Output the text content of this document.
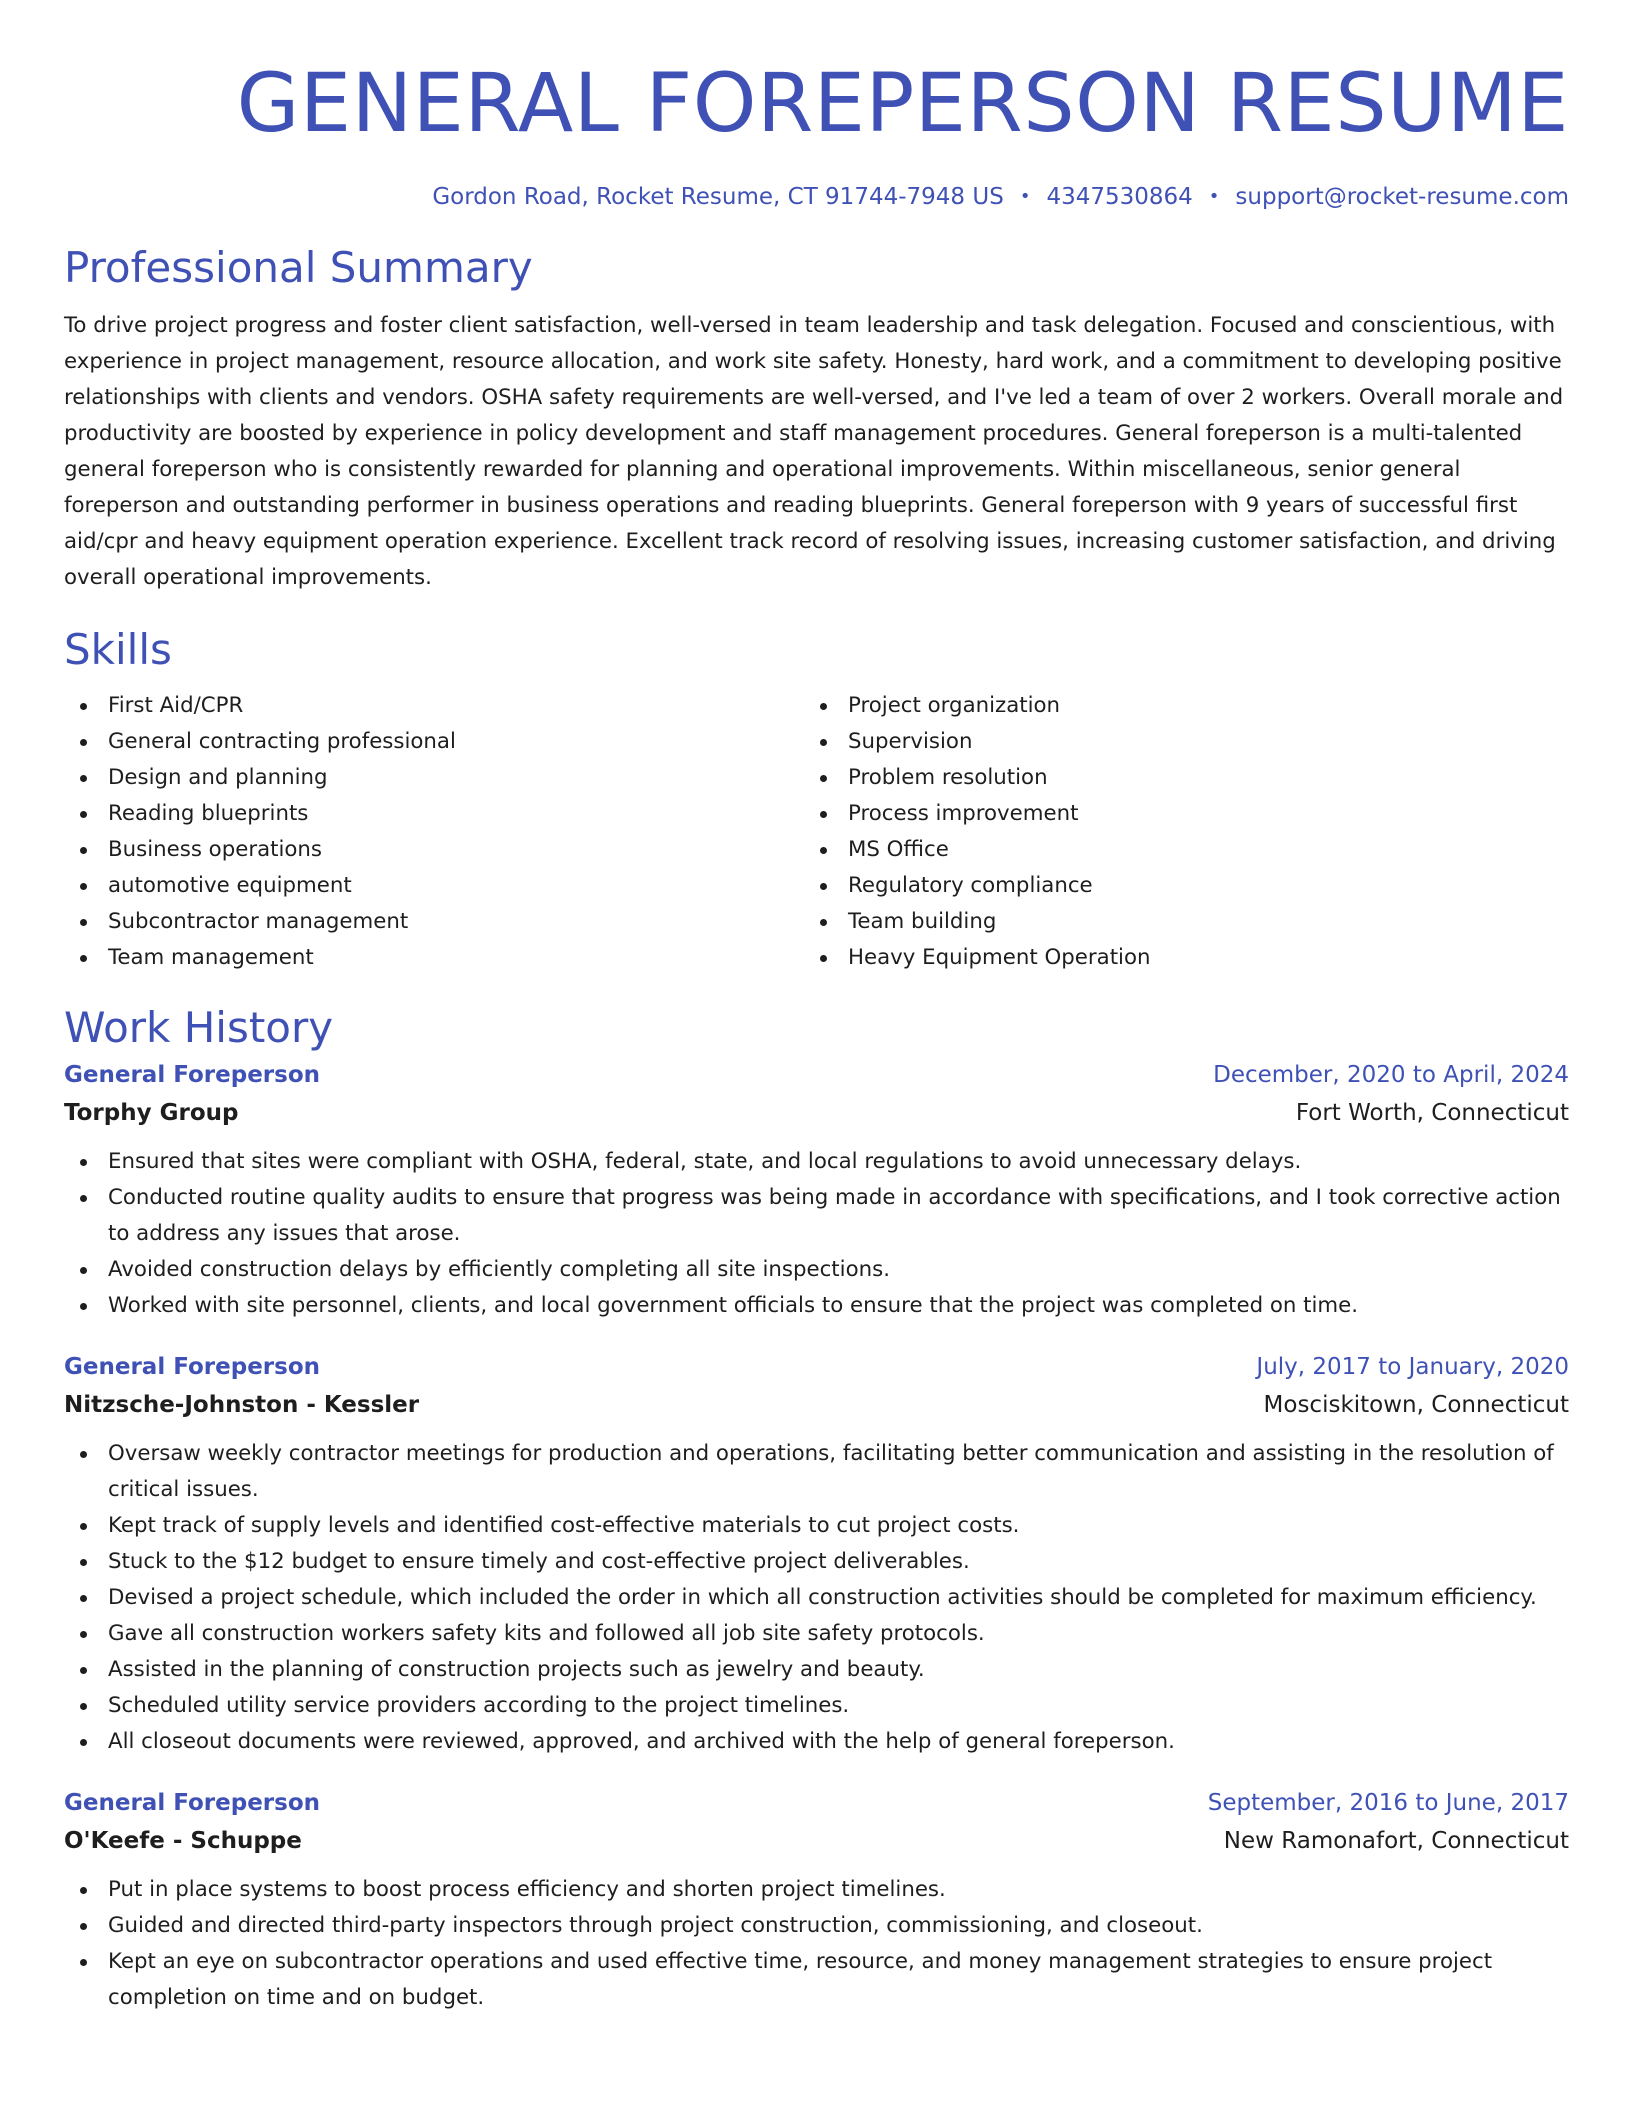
GENERAL FOREPERSON RESUME
Gordon Road, Rocket Resume, CT 91744-7948 US • 4347530864 • support@rocket-resume.com
Professional Summary

To drive project progress and foster client satisfaction, well-versed in team leadership and task delegation. Focused and conscientious, with experience in project management, resource allocation, and work site safety. Honesty, hard work, and a commitment to developing positive relationships with clients and vendors. OSHA safety requirements are well-versed, and I've led a team of over 2 workers. Overall morale and productivity are boosted by experience in policy development and staff management procedures. General foreperson is a multi-talented general foreperson who is consistently rewarded for planning and operational improvements. Within miscellaneous, senior general foreperson and outstanding performer in business operations and reading blueprints. General foreperson with 9 years of successful first aid/cpr and heavy equipment operation experience. Excellent track record of resolving issues, increasing customer satisfaction, and driving overall operational improvements.

Skills
First Aid/CPR
General contracting professional
Design and planning
Reading blueprints
Business operations
automotive equipment
Subcontractor management
Team management
Project organization
Supervision
Problem resolution
Process improvement
MS Office
Regulatory compliance
Team building
Heavy Equipment Operation
Work History
General Foreperson	December, 2020 to April, 2024
Torphy Group	Fort Worth, Connecticut
Ensured that sites were compliant with OSHA, federal, state, and local regulations to avoid unnecessary delays.
Conducted routine quality audits to ensure that progress was being made in accordance with specifications, and I took corrective action to address any issues that arose.
Avoided construction delays by efficiently completing all site inspections.
Worked with site personnel, clients, and local government officials to ensure that the project was completed on time.
General Foreperson	July, 2017 to January, 2020
Nitzsche-Johnston - Kessler	Mosciskitown, Connecticut
Oversaw weekly contractor meetings for production and operations, facilitating better communication and assisting in the resolution of critical issues.
Kept track of supply levels and identified cost-effective materials to cut project costs.
Stuck to the $12 budget to ensure timely and cost-effective project deliverables.
Devised a project schedule, which included the order in which all construction activities should be completed for maximum efficiency.
Gave all construction workers safety kits and followed all job site safety protocols.
Assisted in the planning of construction projects such as jewelry and beauty.
Scheduled utility service providers according to the project timelines.
All closeout documents were reviewed, approved, and archived with the help of general foreperson.
General Foreperson	September, 2016 to June, 2017
O'Keefe - Schuppe	New Ramonafort, Connecticut
Put in place systems to boost process efficiency and shorten project timelines.
Guided and directed third-party inspectors through project construction, commissioning, and closeout.
Kept an eye on subcontractor operations and used effective time, resource, and money management strategies to ensure project completion on time and on budget.
